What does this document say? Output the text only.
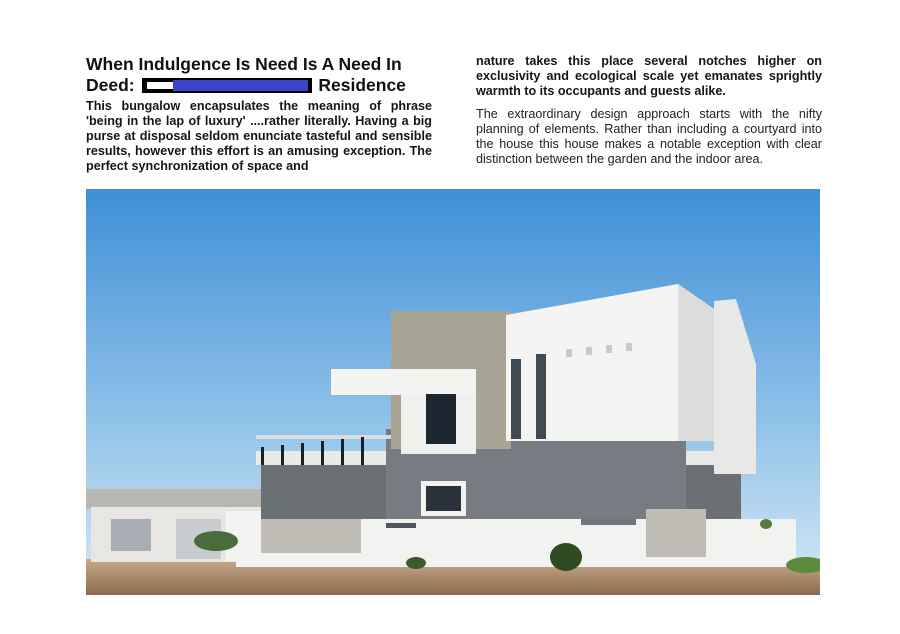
When Indulgence Is Need Is A Need In Deed:	Residence

This bungalow encapsulates the meaning of phrase 'being in the lap of luxury' ....rather literally. Having a big purse at disposal seldom enunciate tasteful and sensible results, however this effort is an amusing exception. The perfect synchronization of space and

nature takes this place several notches higher on exclusivity and ecological scale yet emanates sprightly warmth to its occupants and guests alike.

The extraordinary design approach starts with the nifty planning of elements. Rather than including a courtyard into the house this house makes a notable exception with clear distinction between the garden and the indoor area.
